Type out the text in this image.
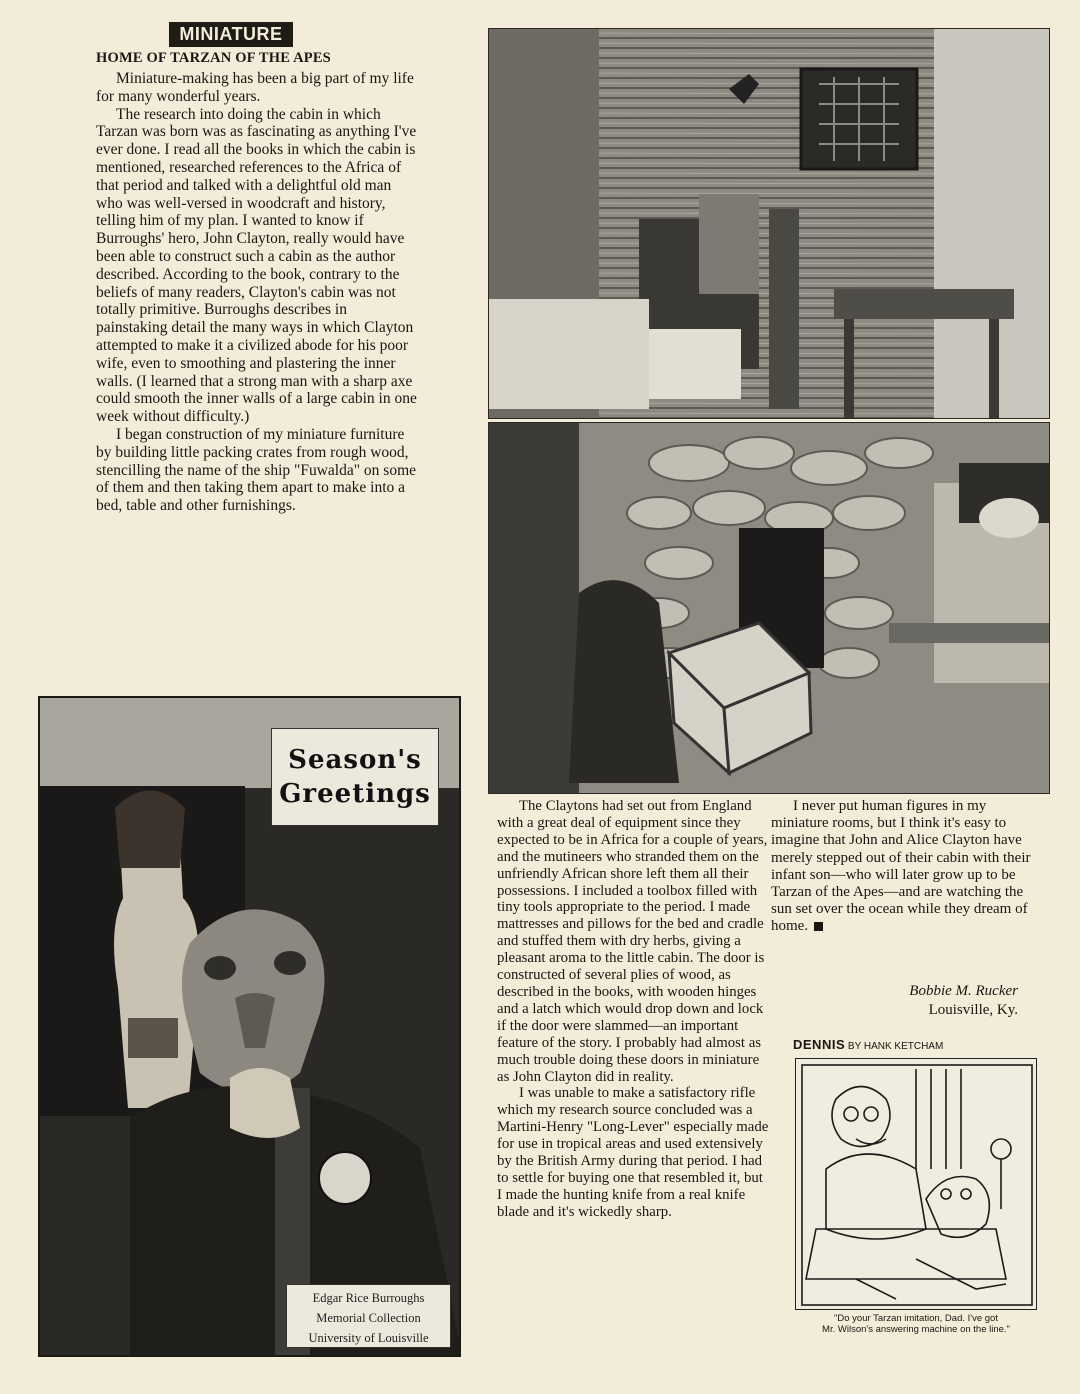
MINIATURE
HOME OF TARZAN OF THE APES

Miniature-making has been a big part of my life for many wonderful years.

The research into doing the cabin in which Tarzan was born was as fascinating as anything I've ever done. I read all the books in which the cabin is mentioned, researched references to the Africa of that period and talked with a delightful old man who was well-versed in woodcraft and history, telling him of my plan. I wanted to know if Burroughs' hero, John Clayton, really would have been able to construct such a cabin as the author described. According to the book, contrary to the beliefs of many readers, Clayton's cabin was not totally primitive. Burroughs describes in painstaking detail the many ways in which Clayton attempted to make it a civilized abode for his poor wife, even to smoothing and plastering the inner walls. (I learned that a strong man with a sharp axe could smooth the inner walls of a large cabin in one week without difficulty.)

I began construction of my miniature furniture by building little packing crates from rough wood, stencilling the name of the ship "Fuwalda" on some of them and then taking them apart to make into a bed, table and other furnishings.

Season's
Greetings
Edgar Rice Burroughs
Memorial Collection
University of Louisville

The Claytons had set out from England with a great deal of equipment since they expected to be in Africa for a couple of years, and the mutineers who stranded them on the unfriendly African shore left them all their possessions. I included a toolbox filled with tiny tools appropriate to the period. I made mattresses and pillows for the bed and cradle and stuffed them with dry herbs, giving a pleasant aroma to the little cabin. The door is constructed of several plies of wood, as described in the books, with wooden hinges and a latch which would drop down and lock if the door were slammed—an important feature of the story. I probably had almost as much trouble doing these doors in miniature as John Clayton did in reality.

I was unable to make a satisfactory rifle which my research source concluded was a Martini-Henry "Long-Lever" especially made for use in tropical areas and used extensively by the British Army during that period. I had to settle for buying one that resembled it, but I made the hunting knife from a real knife blade and it's wickedly sharp.

I never put human figures in my miniature rooms, but I think it's easy to imagine that John and Alice Clayton have merely stepped out of their cabin with their infant son—who will later grow up to be Tarzan of the Apes—and are watching the sun set over the ocean while they dream of home.

Bobbie M. Rucker
Louisville, Ky.
DENNIS BY HANK KETCHAM
"Do your Tarzan imitation, Dad. I've got
Mr. Wilson's answering machine on the line."
